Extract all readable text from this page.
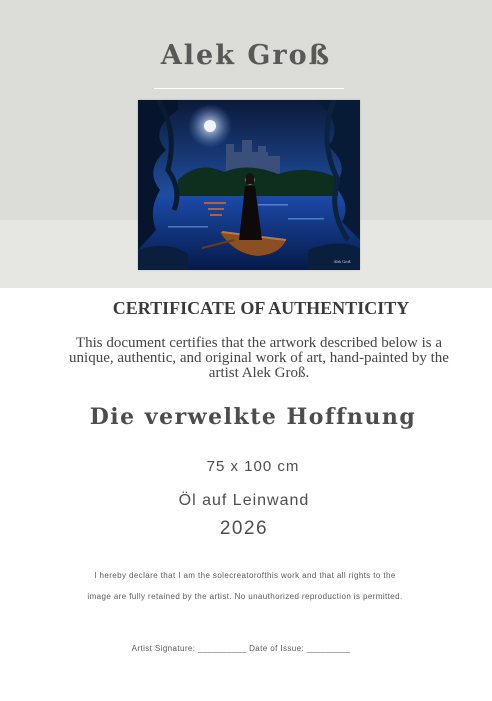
Alek Groß
Alek Groß
CERTIFICATE OF AUTHENTICITY
This document certifies that the artwork described below is a unique, authentic, and original work of art, hand-painted by the artist Alek Groß.
Die verwelkte Hoffnung
75 x 100 cm
Öl auf Leinwand
2026
I hereby declare that I am the solecreatorofthis work and that all rights to the
image are fully retained by the artist. No unauthorized reproduction is permitted.
Artist Signature: __________ Date of Issue: _________
